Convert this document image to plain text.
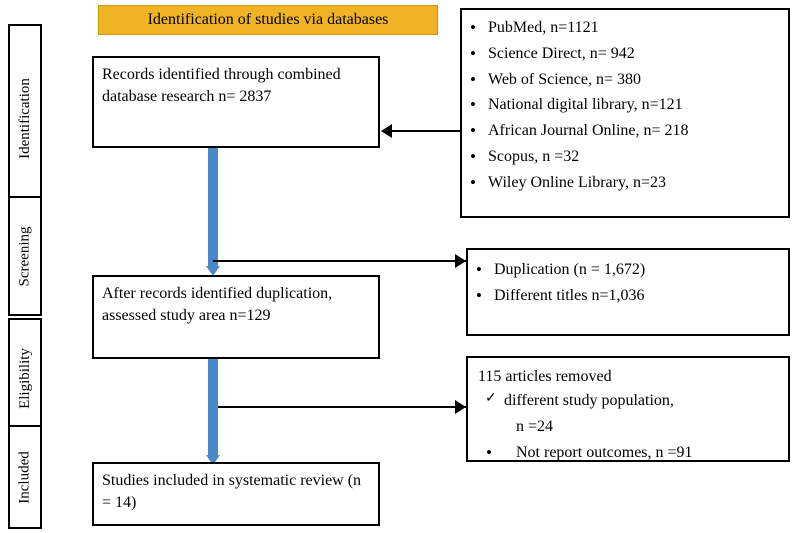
Identification of studies via databases
Identification
Screening
Eligibility
Included
Records identified through combined database research n= 2837
• PubMed, n=1121
• Science Direct, n= 942
• Web of Science, n= 380
• National digital library, n=121
• African Journal Online, n= 218
• Scopus, n =32
• Wiley Online Library, n=23
• Duplication (n = 1,672)
• Different titles n=1,036
After records identified duplication, assessed study area n=129
115 articles removed
✓ different study population,
n =24
• Not report outcomes, n =91
Studies included in systematic review (n = 14)
